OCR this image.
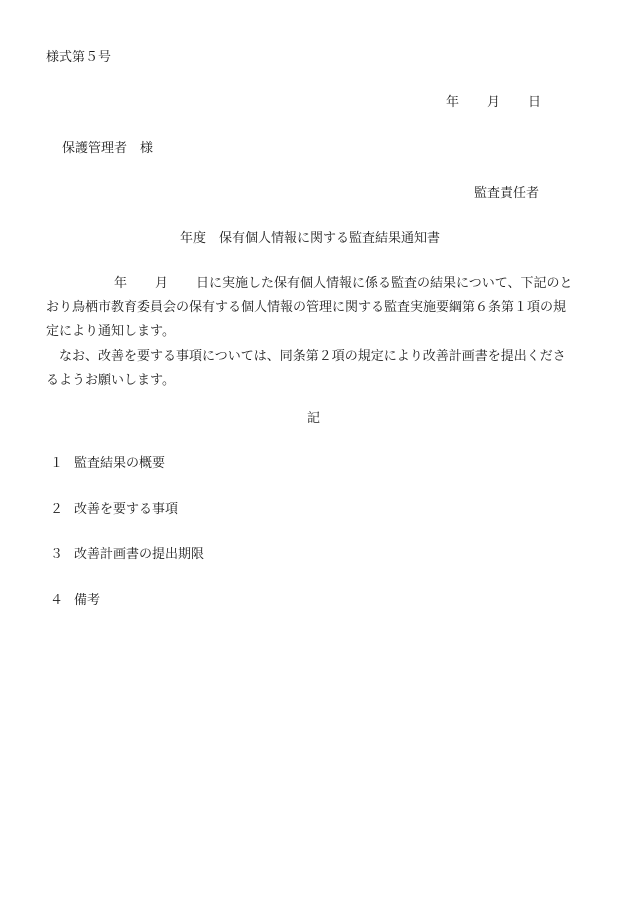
様式第５号
年 月 日
保護管理者　様
監査責任者
年度　保有個人情報に関する監査結果通知書
年 月 日に実施した保有個人情報に係る監査の結果について、下記のと
おり鳥栖市教育委員会の保有する個人情報の管理に関する監査実施要綱第６条第１項の規
定により通知します。
　なお、改善を要する事項については、同条第２項の規定により改善計画書を提出くださ
るようお願いします。
記
１ 監査結果の概要
２ 改善を要する事項
３ 改善計画書の提出期限
４ 備考
